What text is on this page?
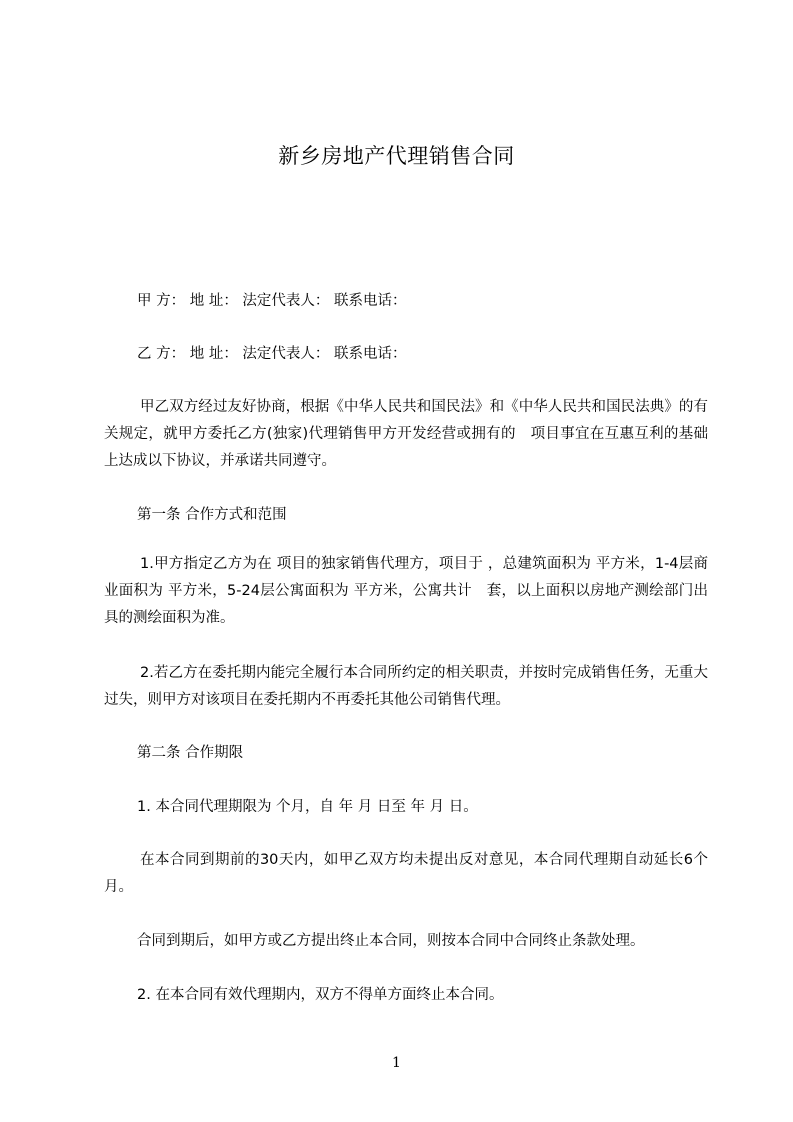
新乡房地产代理销售合同
甲 方： 地 址： 法定代表人： 联系电话：
乙 方： 地 址： 法定代表人： 联系电话：
甲乙双方经过友好协商，根据《中华人民共和国民法》和《中华人民共和国民法典》的有关规定，就甲方委托乙方(独家)代理销售甲方开发经营或拥有的　项目事宜在互惠互利的基础上达成以下协议，并承诺共同遵守。
第一条 合作方式和范围
1.甲方指定乙方为在 项目的独家销售代理方，项目于 ，总建筑面积为 平方米，1-4层商业面积为 平方米，5-24层公寓面积为 平方米，公寓共计　套，以上面积以房地产测绘部门出具的测绘面积为准。
2.若乙方在委托期内能完全履行本合同所约定的相关职责，并按时完成销售任务，无重大过失，则甲方对该项目在委托期内不再委托其他公司销售代理。
第二条 合作期限
1. 本合同代理期限为 个月，自 年 月 日至 年 月 日。
在本合同到期前的30天内，如甲乙双方均未提出反对意见，本合同代理期自动延长6个月。
合同到期后，如甲方或乙方提出终止本合同，则按本合同中合同终止条款处理。
2. 在本合同有效代理期内，双方不得单方面终止本合同。
1
